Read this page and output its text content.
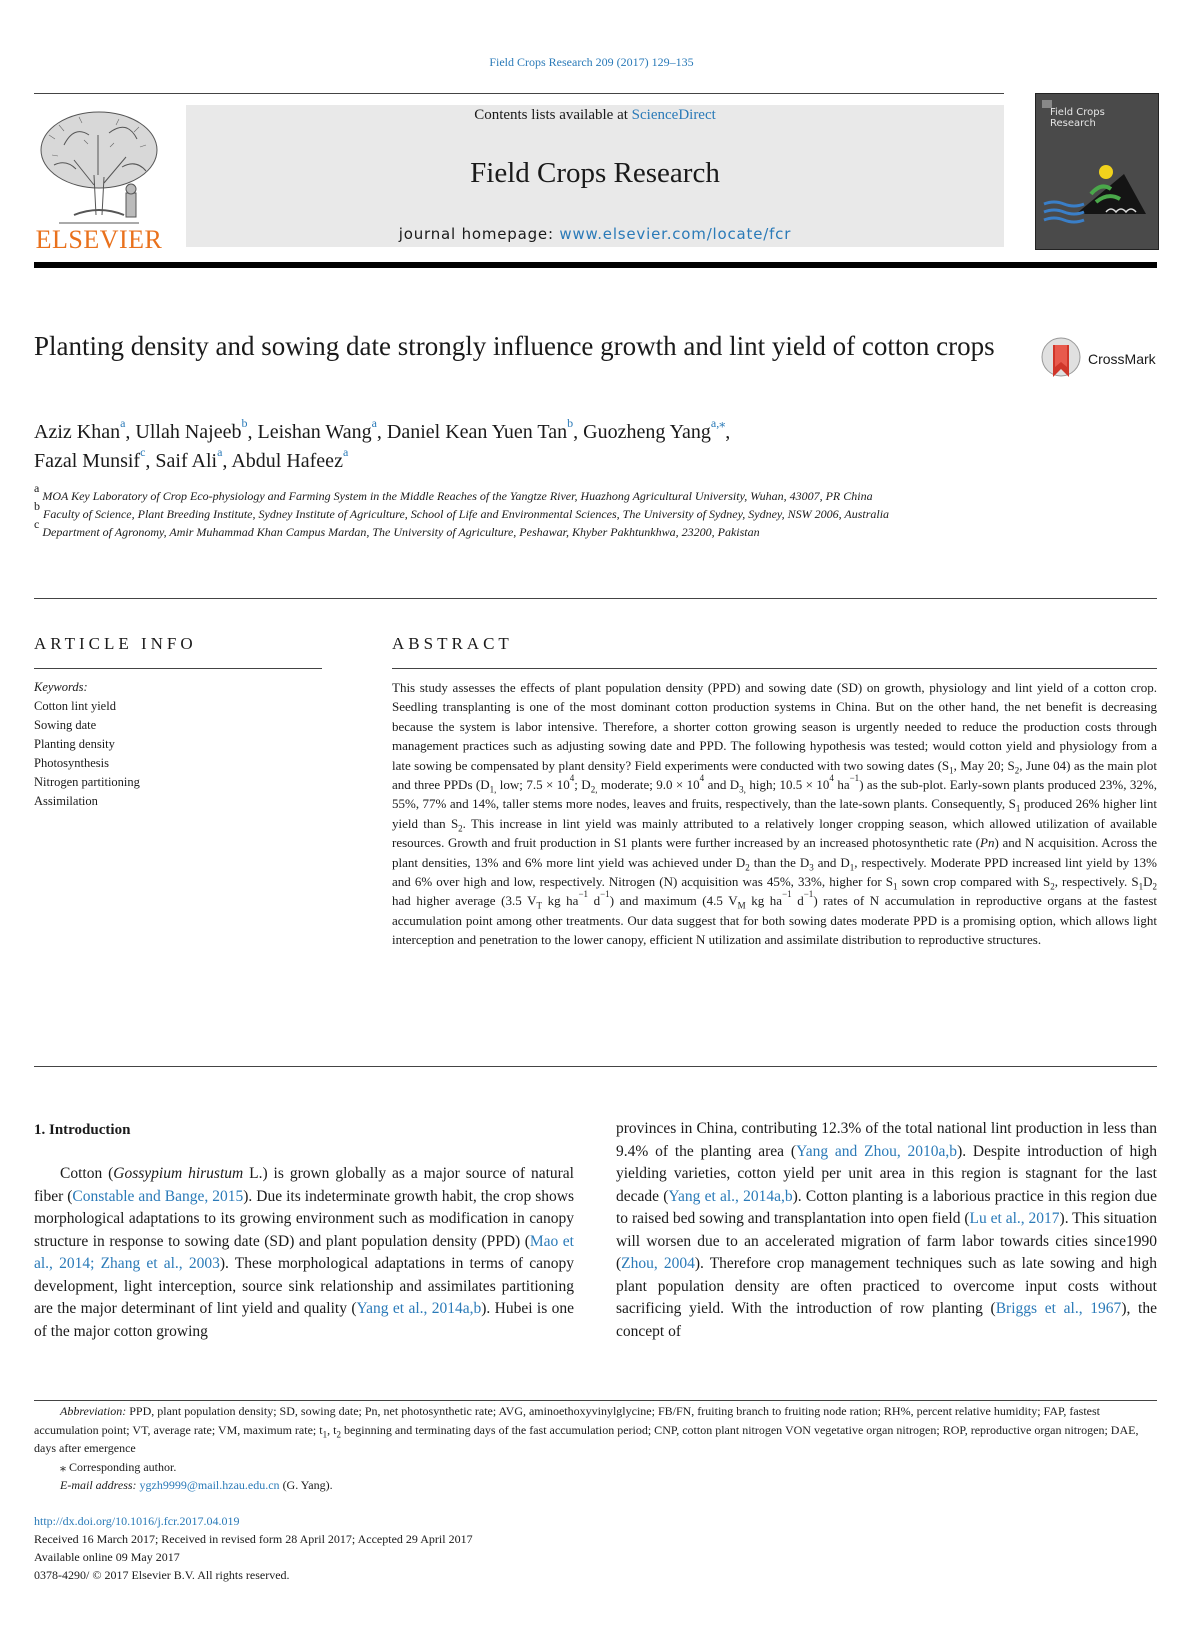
Field Crops Research 209 (2017) 129–135
ELSEVIER
Contents lists available at ScienceDirect
Field Crops Research
journal homepage: www.elsevier.com/locate/fcr
Field Crops Research
Planting density and sowing date strongly influence growth and lint yield of cotton crops	CrossMark
Aziz Khan$^a$, Ullah Najeeb$^b$, Leishan Wang$^a$, Daniel Kean Yuen Tan$^b$, Guozheng Yang$^{a,⁎}$,
Fazal Munsif$^c$, Saif Ali$^a$, Abdul Hafeez$^a$
$^a$ MOA Key Laboratory of Crop Eco-physiology and Farming System in the Middle Reaches of the Yangtze River, Huazhong Agricultural University, Wuhan, 43007, PR China
$^b$ Faculty of Science, Plant Breeding Institute, Sydney Institute of Agriculture, School of Life and Environmental Sciences, The University of Sydney, Sydney, NSW 2006, Australia
$^c$ Department of Agronomy, Amir Muhammad Khan Campus Mardan, The University of Agriculture, Peshawar, Khyber Pakhtunkhwa, 23200, Pakistan
ARTICLE INFO
Keywords:
Cotton lint yield
Sowing date
Planting density
Photosynthesis
Nitrogen partitioning
Assimilation
ABSTRACT
This study assesses the effects of plant population density (PPD) and sowing date (SD) on growth, physiology and lint yield of a cotton crop. Seedling transplanting is one of the most dominant cotton production systems in China. But on the other hand, the net benefit is decreasing because the system is labor intensive. Therefore, a shorter cotton growing season is urgently needed to reduce the production costs through management practices such as adjusting sowing date and PPD. The following hypothesis was tested; would cotton yield and physiology from a late sowing be compensated by plant density? Field experiments were conducted with two sowing dates ($S_1$, May 20; $S_2$, June 04) as the main plot and three PPDs ($D_{1,}$ low; $7.5 \times 10^4$; $D_{2,}$ moderate; $9.0 \times 10^4$ and $D_{3,}$ high; $10.5 \times 10^4$ $ha^{-1}$) as the sub-plot. Early-sown plants produced 23%, 32%, 55%, 77% and 14%, taller stems more nodes, leaves and fruits, respectively, than the late-sown plants. Consequently, $S_1$ produced 26% higher lint yield than $S_2$. This increase in lint yield was mainly attributed to a relatively longer cropping season, which allowed utilization of available resources. Growth and fruit production in S1 plants were further increased by an increased photosynthetic rate (Pn) and N acquisition. Across the plant densities, 13% and 6% more lint yield was achieved under $D_2$ than the $D_3$ and $D_1$, respectively. Moderate PPD increased lint yield by 13% and 6% over high and low, respectively. Nitrogen (N) acquisition was 45%, 33%, higher for $S_1$ sown crop compared with $S_2$, respectively. $S_1D_2$ had higher average (3.5 $V_T$ kg $ha^{-1}$ $d^{-1}$) and maximum (4.5 $V_M$ kg $ha^{-1}$ $d^{-1}$) rates of N accumulation in reproductive organs at the fastest accumulation point among other treatments. Our data suggest that for both sowing dates moderate PPD is a promising option, which allows light interception and penetration to the lower canopy, efficient N utilization and assimilate distribution to reproductive structures.
1. Introduction

Cotton (Gossypium hirustum L.) is grown globally as a major source of natural fiber (Constable and Bange, 2015). Due its indeterminate growth habit, the crop shows morphological adaptations to its growing environment such as modification in canopy structure in response to sowing date (SD) and plant population density (PPD) (Mao et al., 2014; Zhang et al., 2003). These morphological adaptations in terms of canopy development, light interception, source sink relationship and assimilates partitioning are the major determinant of lint yield and quality (Yang et al., 2014a,b). Hubei is one of the major cotton growing

provinces in China, contributing 12.3% of the total national lint production in less than 9.4% of the planting area (Yang and Zhou, 2010a,b). Despite introduction of high yielding varieties, cotton yield per unit area in this region is stagnant for the last decade (Yang et al., 2014a,b). Cotton planting is a laborious practice in this region due to raised bed sowing and transplantation into open field (Lu et al., 2017). This situation will worsen due to an accelerated migration of farm labor towards cities since1990 (Zhou, 2004). Therefore crop management techniques such as late sowing and high plant population density are often practiced to overcome input costs without sacrificing yield. With the introduction of row planting (Briggs et al., 1967), the concept of

Abbreviation: PPD, plant population density; SD, sowing date; Pn, net photosynthetic rate; AVG, aminoethoxyvinylglycine; FB/FN, fruiting branch to fruiting node ration; RH%, percent relative humidity; FAP, fastest accumulation point; VT, average rate; VM, maximum rate; $t_1$, $t_2$ beginning and terminating days of the fast accumulation period; CNP, cotton plant nitrogen VON vegetative organ nitrogen; ROP, reproductive organ nitrogen; DAE, days after emergence
⁎ Corresponding author.
E-mail address: ygzh9999@mail.hzau.edu.cn (G. Yang).
http://dx.doi.org/10.1016/j.fcr.2017.04.019
Received 16 March 2017; Received in revised form 28 April 2017; Accepted 29 April 2017
Available online 09 May 2017
0378-4290/ © 2017 Elsevier B.V. All rights reserved.
